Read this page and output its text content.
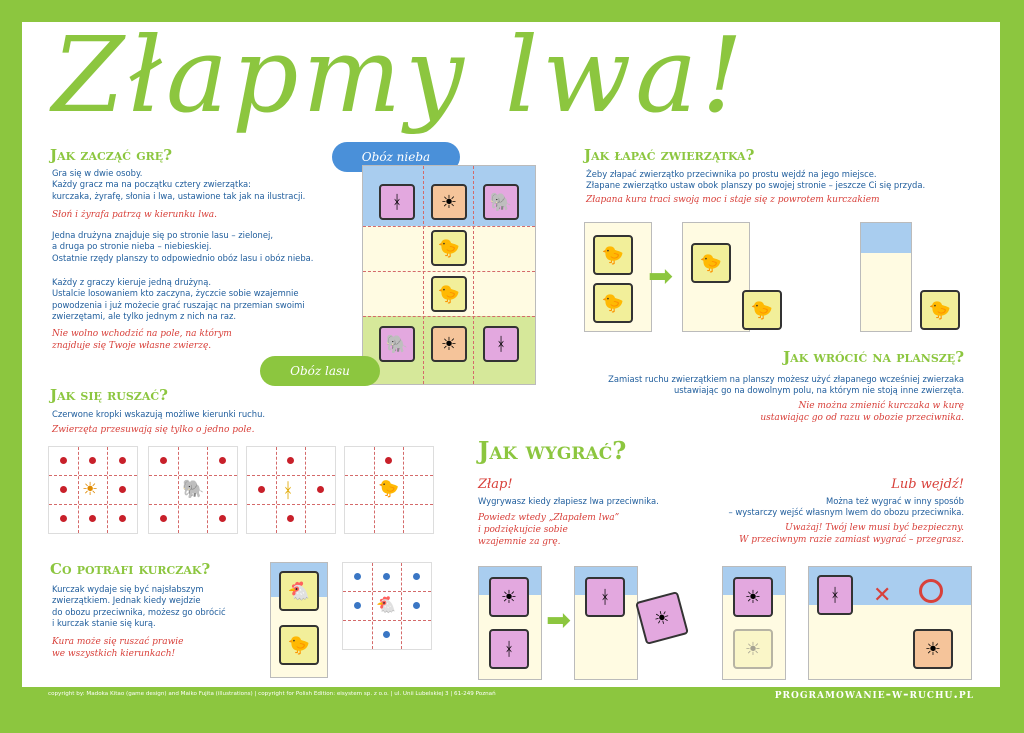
Złapmy lwa!
Jak zacząć grę?
Gra się w dwie osoby.
Każdy gracz ma na początku cztery zwierzątka:
kurczaka, żyrafę, słonia i lwa, ustawione tak jak na ilustracji.
Słoń i żyrafa patrzą w kierunku lwa.
Jedna drużyna znajduje się po stronie lasu – zielonej,
a druga po stronie nieba – niebieskiej.
Ostatnie rzędy planszy to odpowiednio obóz lasu i obóz nieba.
Każdy z graczy kieruje jedną drużyną.
Ustalcie losowaniem kto zaczyna, życzcie sobie wzajemnie
powodzenia i już możecie grać ruszając na przemian swoimi
zwierzętami, ale tylko jednym z nich na raz.
Nie wolno wchodzić na pole, na którym
znajduje się Twoje własne zwierzę.
Obóz nieba
ᚼ	☀	🐘
🐤
🐤
🐘	☀	ᚼ
Obóz lasu
Jak się ruszać?
Czerwone kropki wskazują możliwe kierunki ruchu.
Zwierzęta przesuwają się tylko o jedno pole.
☀	🐘	ᚼ	🐤
Co potrafi kurczak?
Kurczak wydaje się być najsłabszym
zwierzątkiem. Jednak kiedy wejdzie
do obozu przeciwnika, możesz go obrócić
i kurczak stanie się kurą.
Kura może się ruszać prawie
we wszystkich kierunkach!
🐔
🐤
🐔
Jak łapać zwierzątka?
Żeby złapać zwierzątko przeciwnika po prostu wejdź na jego miejsce.
Złapane zwierzątko ustaw obok planszy po swojej stronie – jeszcze Ci się przyda.
Złapana kura traci swoją moc i staje się z powrotem kurczakiem
🐤
🐤
➡	🐤
🐤	🐤
Jak wrócić na planszę?
Zamiast ruchu zwierzątkiem na planszy możesz użyć złapanego wcześniej zwierzaka
ustawiając go na dowolnym polu, na którym nie stoją inne zwierzęta.
Nie można zmienić kurczaka w kurę
ustawiając go od razu w obozie przeciwnika.
Jak wygrać?
Złap!
Wygrywasz kiedy złapiesz lwa przeciwnika.
Powiedz wtedy „Złapałem lwa”
i podziękujcie sobie
wzajemnie za grę.
Lub wejdź!
Można też wygrać w inny sposób
– wystarczy wejść własnym lwem do obozu przeciwnika.
Uważaj! Twój lew musi być bezpieczny.
W przeciwnym razie zamiast wygrać – przegrasz.
☀
ᚼ
➡
ᚼ
☀
☀
☀
ᚼ	✕
☀
copyright by: Madoka Kitao (game design) and Maiko Fujita (illustrations) | copyright for Polish Edition: eisystem sp. z o.o. | ul. Unii Lubelskiej 3 | 61-249 Poznań	programowanie-w-ruchu.pl
